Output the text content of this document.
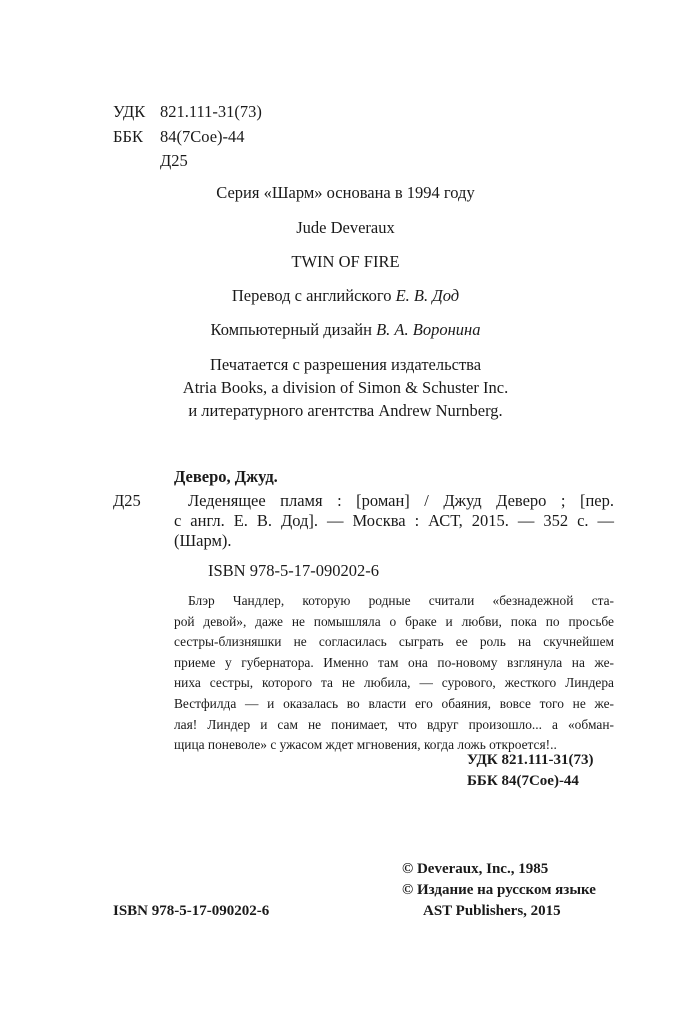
УДК 821.111-31(73)
ББК 84(7Сое)-44
Д25
Серия «Шарм» основана в 1994 году
Jude Deveraux
TWIN OF FIRE
Перевод с английского Е. В. Дод
Компьютерный дизайн В. А. Воронина
Печатается с разрешения издательства
Atria Books, a division of Simon & Schuster Inc.
и литературного агентства Andrew Nurnberg.
Деверо, Джуд.
Д25	Леденящее пламя : [роман] / Джуд Деверо ; [пер.
с англ. Е. В. Дод]. — Москва : АСТ, 2015. — 352 с. —
(Шарм).
ISBN 978-5-17-090202-6
Блэр Чандлер, которую родные считали «безнадежной ста-
рой девой», даже не помышляла о браке и любви, пока по просьбе
сестры-близняшки не согласилась сыграть ее роль на скучнейшем
приеме у губернатора. Именно там она по-новому взглянула на же-
ниха сестры, которого та не любила, — сурового, жесткого Линдера
Вестфилда — и оказалась во власти его обаяния, вовсе того не же-
лая! Линдер и сам не понимает, что вдруг произошло... а «обман-
щица поневоле» с ужасом ждет мгновения, когда ложь откроется!..
УДК 821.111-31(73)
ББК 84(7Сое)-44
© Deveraux, Inc., 1985
© Издание на русском языке
AST Publishers, 2015
ISBN 978-5-17-090202-6
